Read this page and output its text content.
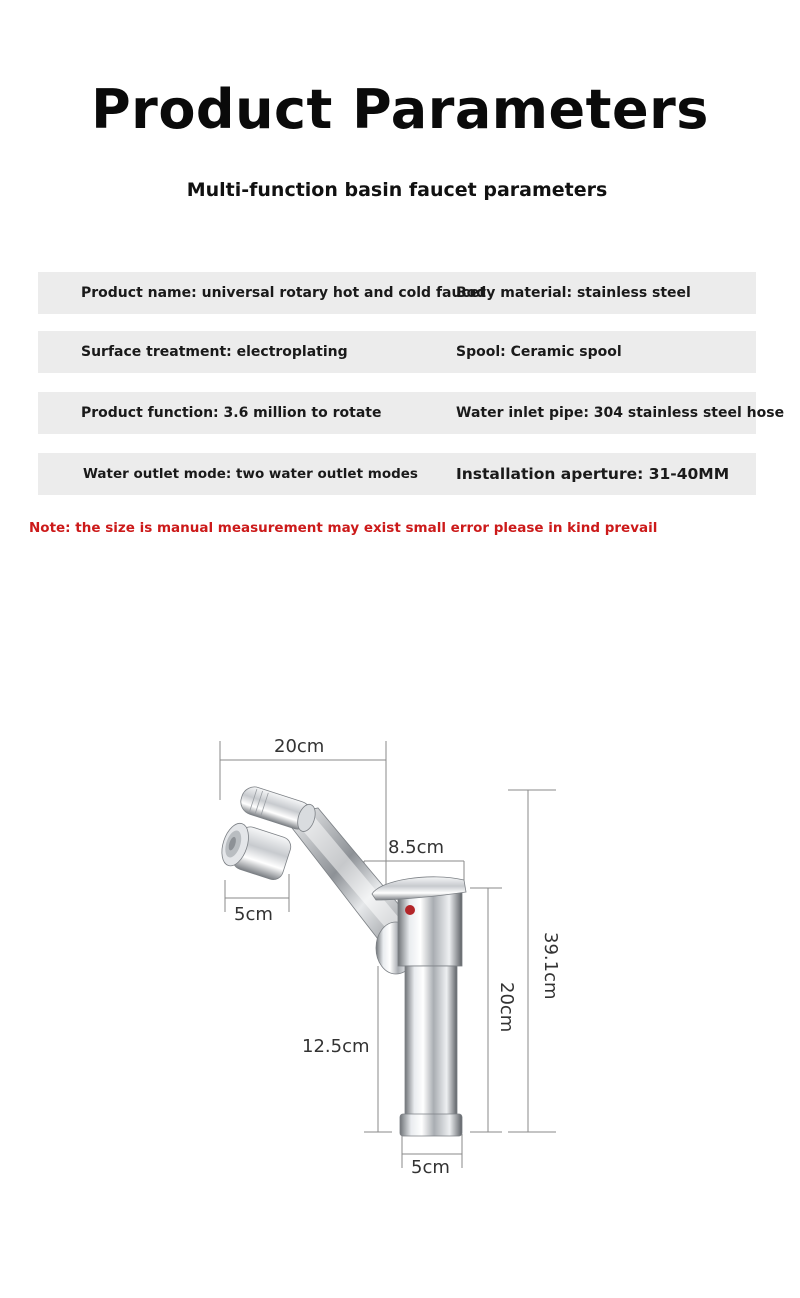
Product Parameters
Multi-function basin faucet parameters
Product name: universal rotary hot and cold faucet
Body material: stainless steel
Surface treatment: electroplating	Spool: Ceramic spool
Product function: 3.6 million to rotate	Water inlet pipe: 304 stainless steel hose
Water outlet mode: two water outlet modes Installation aperture: 31-40MM
Note: the size is manual measurement may exist small error please in kind prevail
20cm
8.5cm
5cm
12.5cm
20cm
39.1cm
5cm
